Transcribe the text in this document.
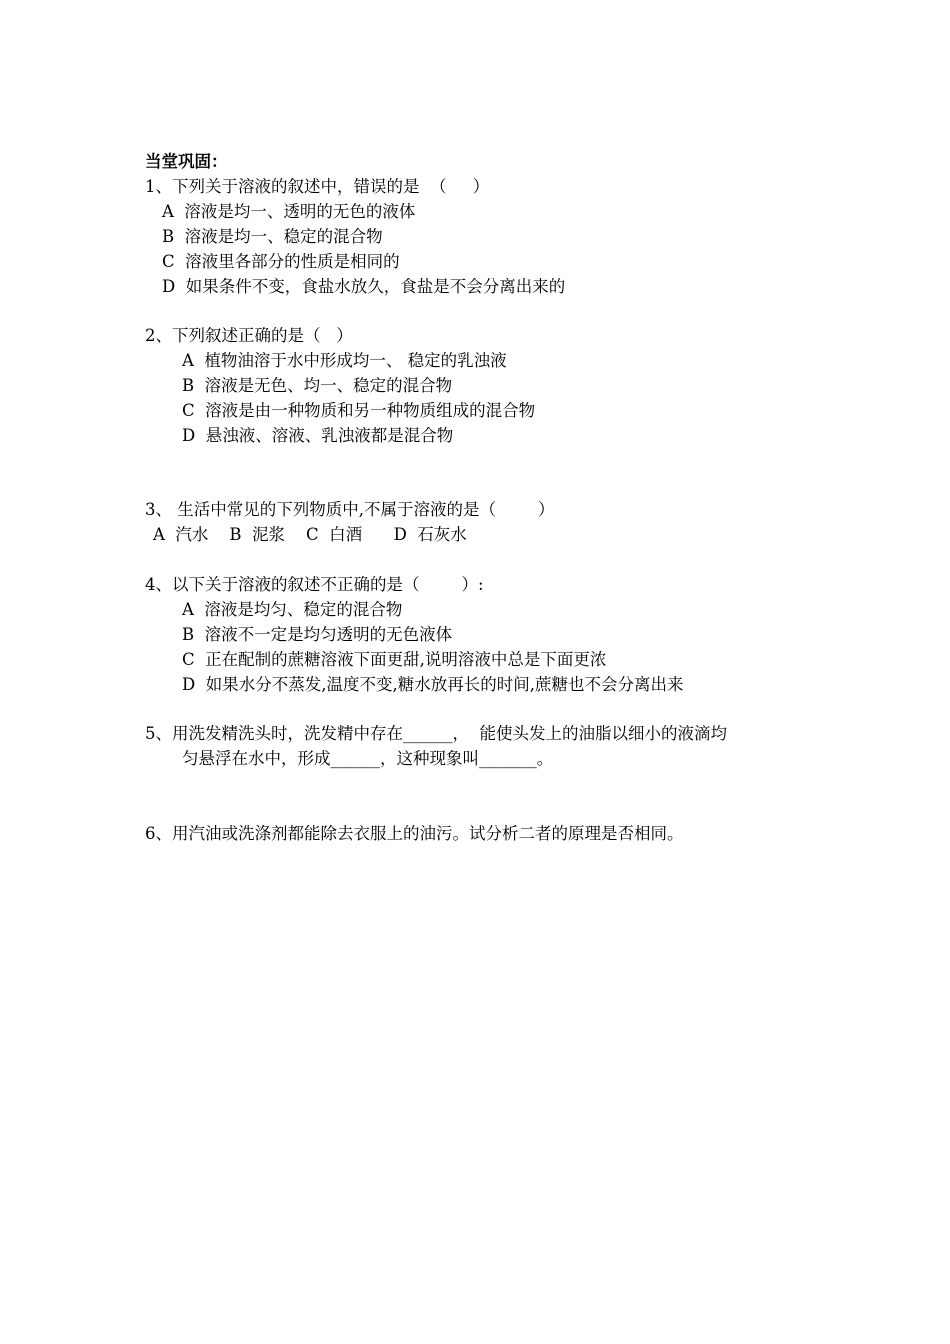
当堂巩固：
1、下列关于溶液的叙述中，错误的是  （     ）
A  溶液是均一、透明的无色的液体
B  溶液是均一、稳定的混合物
C  溶液里各部分的性质是相同的
D  如果条件不变，食盐水放久，食盐是不会分离出来的
2、下列叙述正确的是（   ）
A  植物油溶于水中形成均一、 稳定的乳浊液
B  溶液是无色、均一、稳定的混合物
C  溶液是由一种物质和另一种物质组成的混合物
D  悬浊液、溶液、乳浊液都是混合物
3、 生活中常见的下列物质中,不属于溶液的是（        ）
A  汽水    B  泥浆    C  白酒      D  石灰水
4、以下关于溶液的叙述不正确的是（        ）:
A  溶液是均匀、稳定的混合物
B  溶液不一定是均匀透明的无色液体
C  正在配制的蔗糖溶液下面更甜,说明溶液中总是下面更浓
D  如果水分不蒸发,温度不变,糖水放再长的时间,蔗糖也不会分离出来
5、用洗发精洗头时，洗发精中存在______，  能使头发上的油脂以细小的液滴均
匀悬浮在水中，形成______，这种现象叫_______。
6、用汽油或洗涤剂都能除去衣服上的油污。试分析二者的原理是否相同。
